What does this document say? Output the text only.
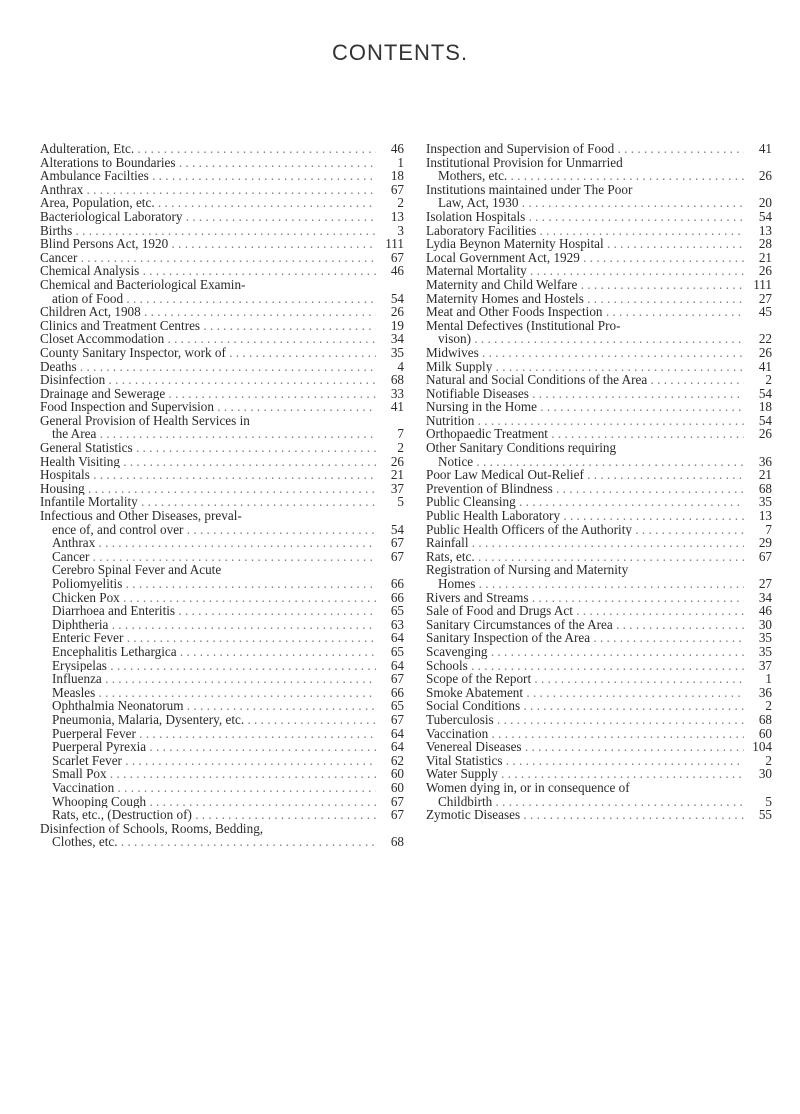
CONTENTS.
Adulteration, Etc. . . .	46
Alterations to Boundaries . . .	1
Ambulance Facilties . . .	18
Anthrax . . .	67
Area, Population, etc. . . .	2
Bacteriological Laboratory . . .	13
Births . . .	3
Blind Persons Act, 1920 . . .	111
Cancer . . .	67
Chemical Analysis . . .	46
Chemical and Bacteriological Examin-
ation of Food . . .	54
Children Act, 1908 . . .	26
Clinics and Treatment Centres . . .	19
Closet Accommodation . . .	34
County Sanitary Inspector, work of . . .	35
Deaths . . .	4
Disinfection . . .	68
Drainage and Sewerage . . .	33
Food Inspection and Supervision . . .	41
General Provision of Health Services in
the Area . . .	7
General Statistics . . .	2
Health Visiting . . .	26
Hospitals . . .	21
Housing . . .	37
Infantile Mortality . . .	5
Infectious and Other Diseases, preval-
ence of, and control over . . .	54
Anthrax . . .	67
Cancer . . .	67
Cerebro Spinal Fever and Acute
Poliomyelitis . . .	66
Chicken Pox . . .	66
Diarrhoea and Enteritis . . .	65
Diphtheria . . .	63
Enteric Fever . . .	64
Encephalitis Lethargica . . .	65
Erysipelas . . .	64
Influenza . . .	67
Measles . . .	66
Ophthalmia Neonatorum . . .	65
Pneumonia, Malaria, Dysentery, etc. . . .	67
Puerperal Fever . . .	64
Puerperal Pyrexia . . .	64
Scarlet Fever . . .	62
Small Pox . . .	60
Vaccination . . .	60
Whooping Cough . . .	67
Rats, etc., (Destruction of) . . .	67
Disinfection of Schools, Rooms, Bedding,
Clothes, etc. . . .	68
Inspection and Supervision of Food . . .	41
Institutional Provision for Unmarried
Mothers, etc. . . .	26
Institutions maintained under The Poor
Law, Act, 1930 . . .	20
Isolation Hospitals . . .	54
Laboratory Facilities . . .	13
Lydia Beynon Maternity Hospital . . .	28
Local Government Act, 1929 . . .	21
Maternal Mortality . . .	26
Maternity and Child Welfare . . .	111
Maternity Homes and Hostels . . .	27
Meat and Other Foods Inspection . . .	45
Mental Defectives (Institutional Pro-
vison) . . .	22
Midwives . . .	26
Milk Supply . . .	41
Natural and Social Conditions of the Area . . .	2
Notifiable Diseases . . .	54
Nursing in the Home . . .	18
Nutrition . . .	54
Orthopaedic Treatment . . .	26
Other Sanitary Conditions requiring
Notice . . .	36
Poor Law Medical Out-Relief . . .	21
Prevention of Blindness . . .	68
Public Cleansing . . .	35
Public Health Laboratory . . .	13
Public Health Officers of the Authority . . .	7
Rainfall . . .	29
Rats, etc. . . .	67
Registration of Nursing and Maternity
Homes . . .	27
Rivers and Streams . . .	34
Sale of Food and Drugs Act . . .	46
Sanitary Circumstances of the Area . . .	30
Sanitary Inspection of the Area . . .	35
Scavenging . . .	35
Schools . . .	37
Scope of the Report . . .	1
Smoke Abatement . . .	36
Social Conditions . . .	2
Tuberculosis . . .	68
Vaccination . . .	60
Venereal Diseases . . .	104
Vital Statistics . . .	2
Water Supply . . .	30
Women dying in, or in consequence of
Childbirth . . .	5
Zymotic Diseases . . .	55
